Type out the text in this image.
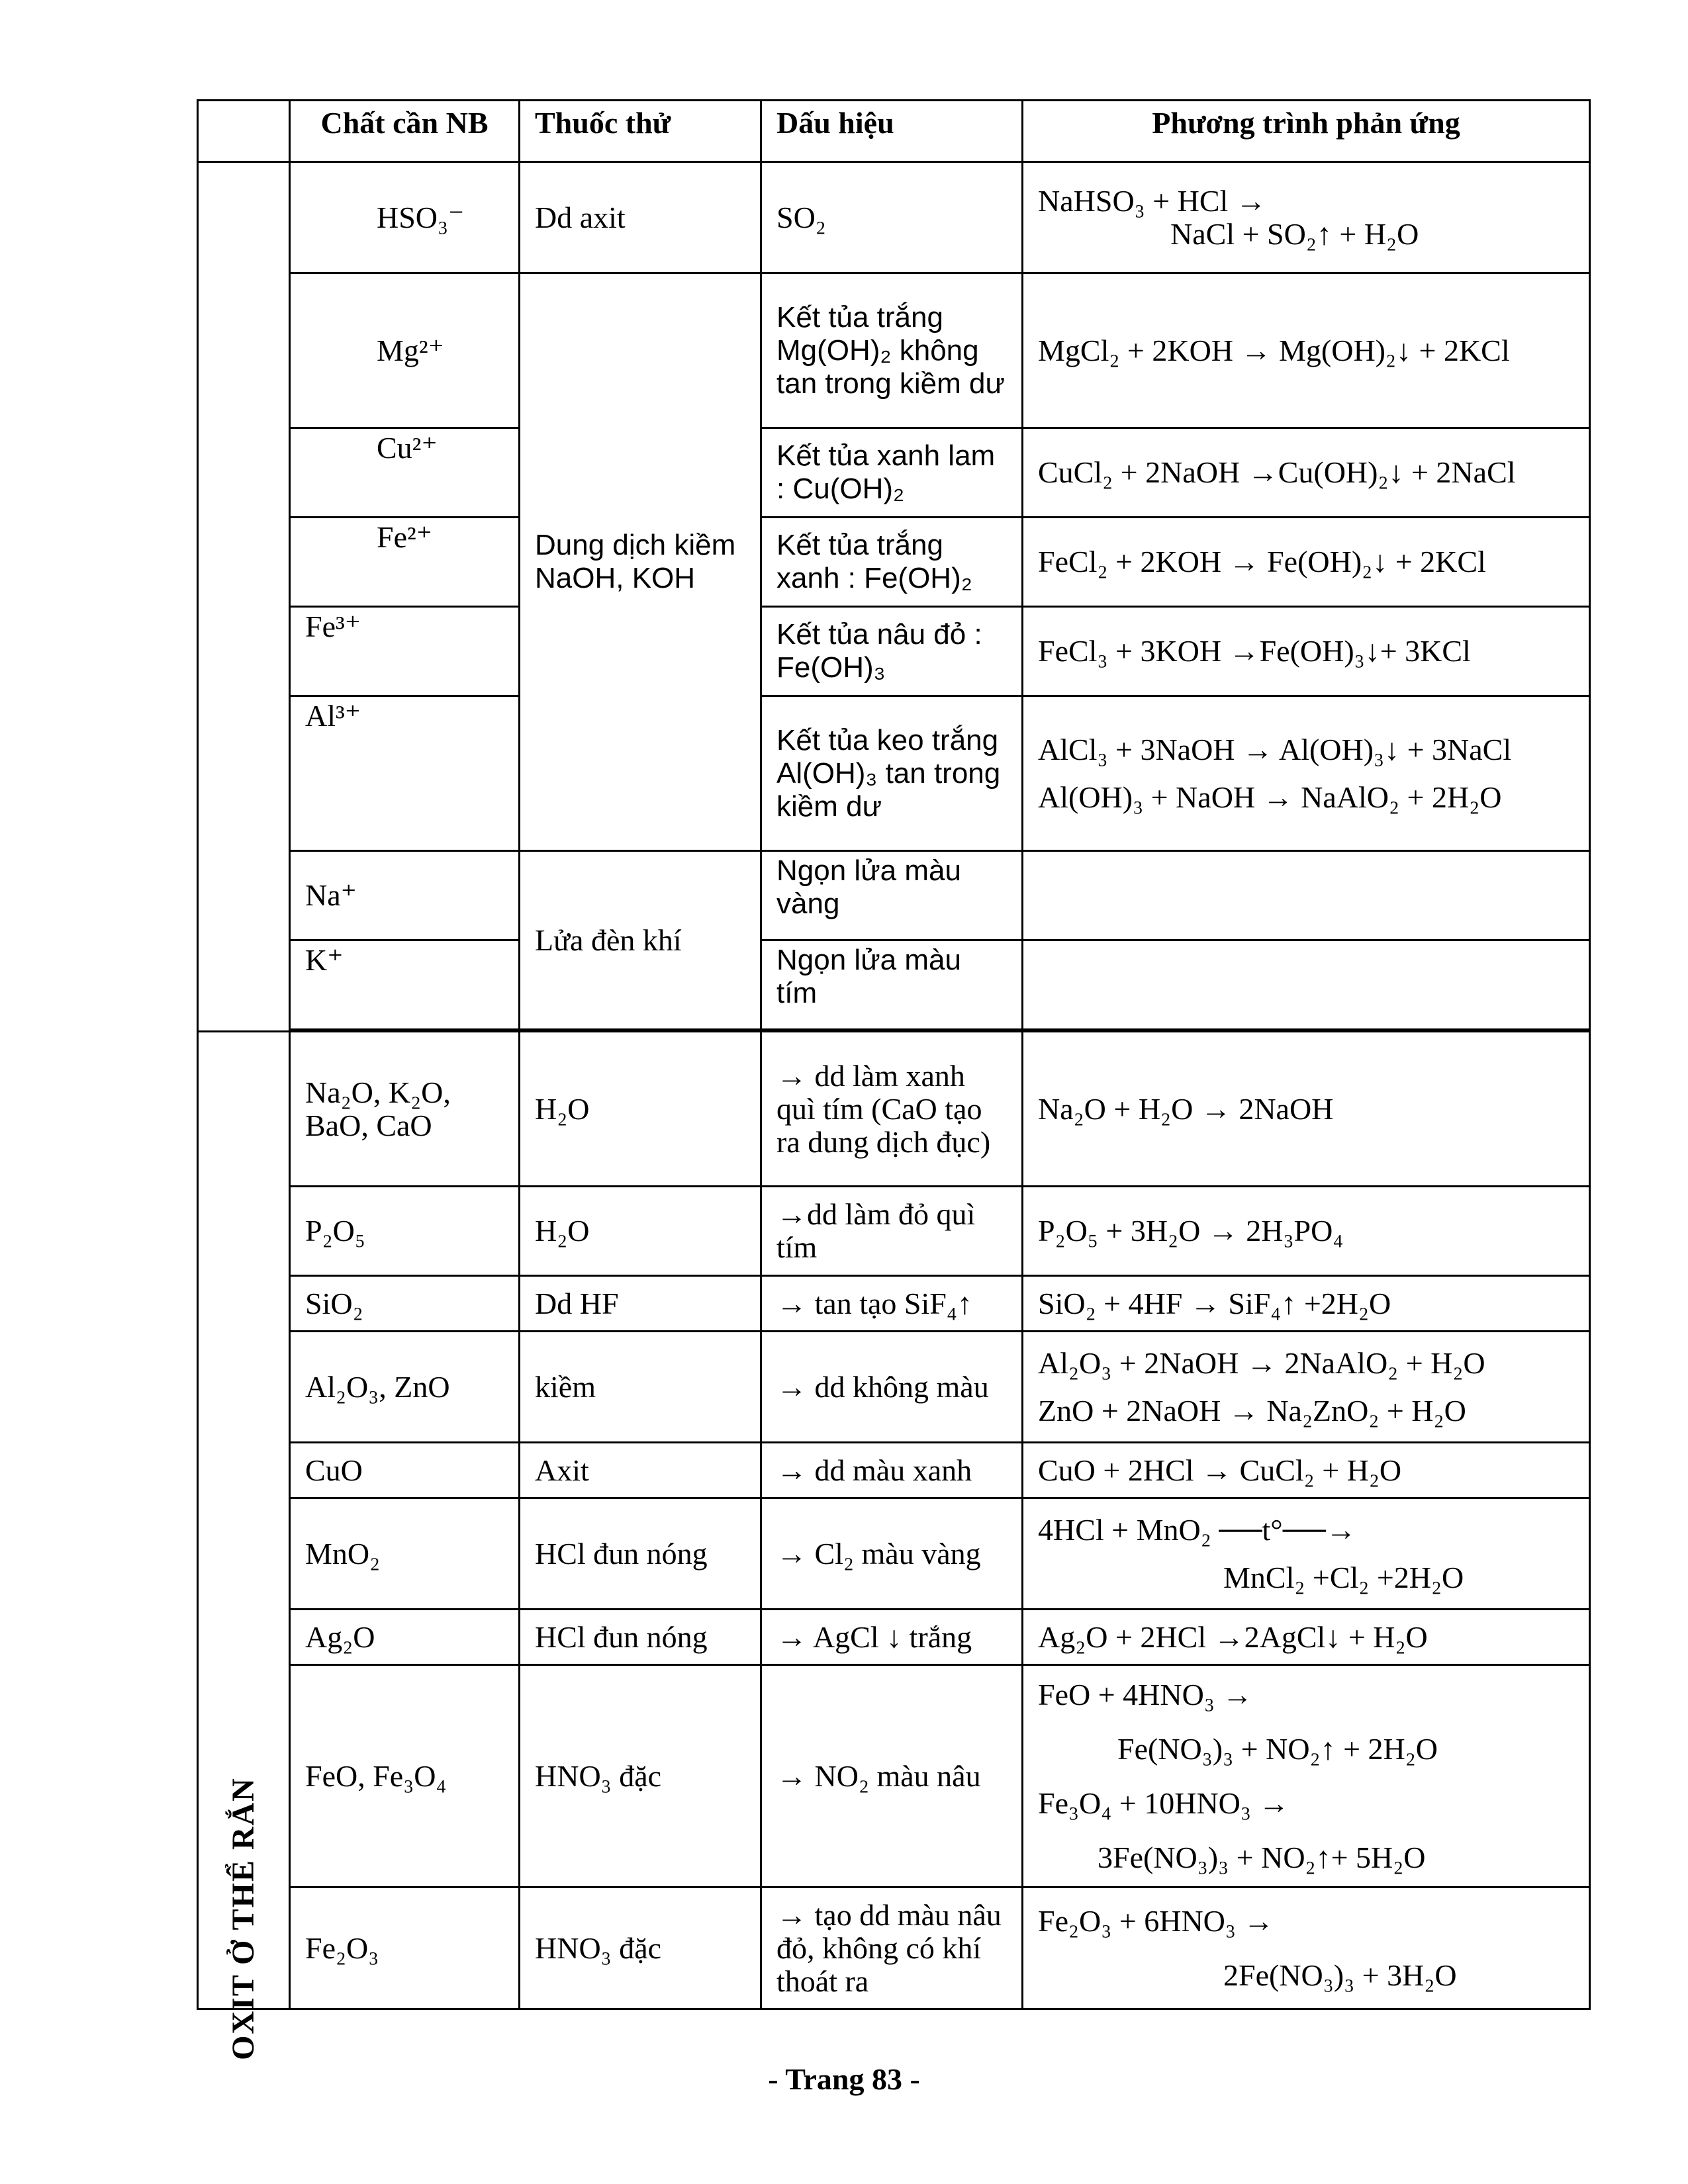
	Chất cần NB	Thuốc thử	Dấu hiệu	Phương trình phản ứng
	HSO₃⁻	Dd axit	SO₂	NaHSO₃ + HCl →
NaCl + SO₂↑ + H₂O

	Mg²⁺	Dung dịch kiềm NaOH, KOH	Kết tủa trắng Mg(OH)₂ không tan trong kiềm dư	MgCl₂ + 2KOH → Mg(OH)₂↓ + 2KCl
	Cu²⁺		Kết tủa xanh lam : Cu(OH)₂	CuCl₂ + 2NaOH →Cu(OH)₂↓ + 2NaCl
	Fe²⁺		Kết tủa trắng xanh : Fe(OH)₂	FeCl₂ + 2KOH → Fe(OH)₂↓ + 2KCl
	Fe³⁺		Kết tủa nâu đỏ : Fe(OH)₃	FeCl₃ + 3KOH →Fe(OH)₃↓+ 3KCl
	Al³⁺		Kết tủa keo trắng Al(OH)₃ tan trong kiềm dư	AlCl₃ + 3NaOH → Al(OH)₃↓ + 3NaCl
Al(OH)₃ + NaOH → NaAlO₂ + 2H₂O

	Na⁺	Lửa đèn khí	Ngọn lửa màu vàng	
	K⁺		Ngọn lửa màu tím	

OXIT Ở THỂ RẮN	Na₂O, K₂O, BaO, CaO	H₂O	→ dd làm xanh quì tím (CaO tạo ra dung dịch đục)	Na₂O + H₂O → 2NaOH
	P₂O₅	H₂O	→dd làm đỏ quì tím	P₂O₅ + 3H₂O → 2H₃PO₄
	SiO₂	Dd HF	→ tan tạo SiF₄↑	SiO₂ + 4HF → SiF₄↑ +2H₂O
	Al₂O₃, ZnO	kiềm	→ dd không màu	Al₂O₃ + 2NaOH → 2NaAlO₂ + H₂O
ZnO + 2NaOH → Na₂ZnO₂ + H₂O

	CuO	Axit	→ dd màu xanh	CuO + 2HCl → CuCl₂ + H₂O
	MnO₂	HCl đun nóng	→ Cl₂ màu vàng	4HCl + MnO₂ ──t°──→
MnCl₂ +Cl₂ +2H₂O

	Ag₂O	HCl đun nóng	→ AgCl ↓ trắng	Ag₂O + 2HCl →2AgCl↓ + H₂O
	FeO, Fe₃O₄	HNO₃ đặc	→ NO₂ màu nâu	FeO + 4HNO₃ →
Fe(NO₃)₃ + NO₂↑ + 2H₂O
Fe₃O₄ + 10HNO₃ →
3Fe(NO₃)₃ + NO₂↑+ 5H₂O

	Fe₂O₃	HNO₃ đặc	→ tạo dd màu nâu đỏ, không có khí thoát ra	Fe₂O₃ + 6HNO₃ →
2Fe(NO₃)₃ + 3H₂O
- Trang 83 -
